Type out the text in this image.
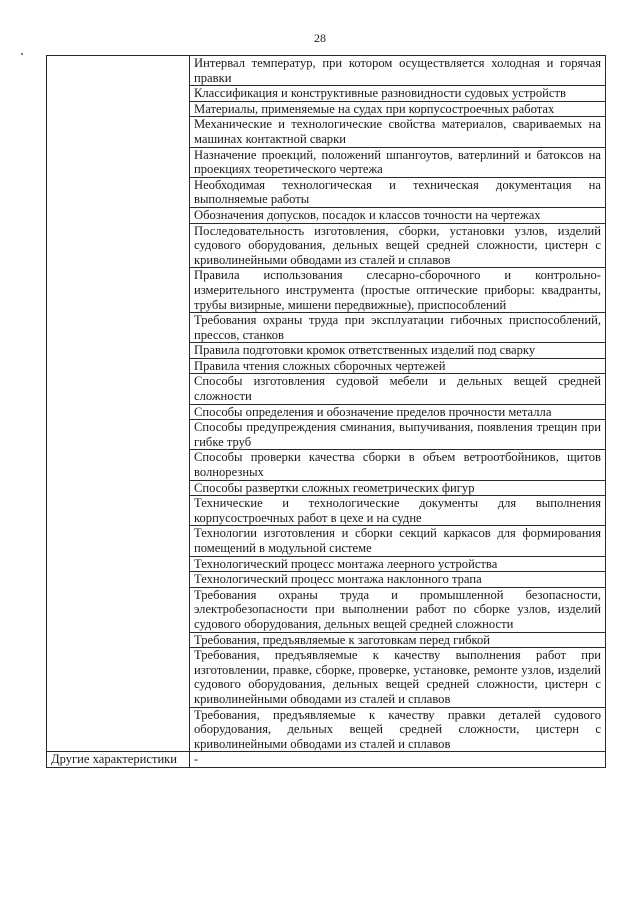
28

	Интервал температур, при котором осуществляется холодная и горячая правки

	Классификация и конструктивные разновидности судовых устройств

	Материалы, применяемые на судах при корпусостроечных работах

	Механические и технологические свойства материалов, свариваемых на машинах контактной сварки

	Назначение проекций, положений шпангоутов, ватерлиний и батоксов на проекциях теоретического чертежа

	Необходимая технологическая и техническая документация на выполняемые работы

	Обозначения допусков, посадок и классов точности на чертежах

	Последовательность изготовления, сборки, установки узлов, изделий судового оборудования, дельных вещей средней сложности, цистерн с криволинейными обводами из сталей и сплавов

	Правила использования слесарно-сборочного и контрольно-измерительного инструмента (простые оптические приборы: квадранты, трубы визирные, мишени передвижные), приспособлений

	Требования охраны труда при эксплуатации гибочных приспособлений, прессов, станков

	Правила подготовки кромок ответственных изделий под сварку

	Правила чтения сложных сборочных чертежей

	Способы изготовления судовой мебели и дельных вещей средней сложности

	Способы определения и обозначение пределов прочности металла

	Способы предупреждения сминания, выпучивания, появления трещин при гибке труб

	Способы проверки качества сборки в объем ветроотбойников, щитов волнорезных

	Способы развертки сложных геометрических фигур

	Технические и технологические документы для выполнения корпусостроечных работ в цехе и на судне

	Технологии изготовления и сборки секций каркасов для формирования помещений в модульной системе

	Технологический процесс монтажа леерного устройства

	Технологический процесс монтажа наклонного трапа

	Требования охраны труда и промышленной безопасности, электробезопасности при выполнении работ по сборке узлов, изделий судового оборудования, дельных вещей средней сложности

	Требования, предъявляемые к заготовкам перед гибкой

	Требования, предъявляемые к качеству выполнения работ при изготовлении, правке, сборке, проверке, установке, ремонте узлов, изделий судового оборудования, дельных вещей средней сложности, цистерн с криволинейными обводами из сталей и сплавов

	Требования, предъявляемые к качеству правки деталей судового оборудования, дельных вещей средней сложности, цистерн с криволинейными обводами из сталей и сплавов

Другие характеристики	-
